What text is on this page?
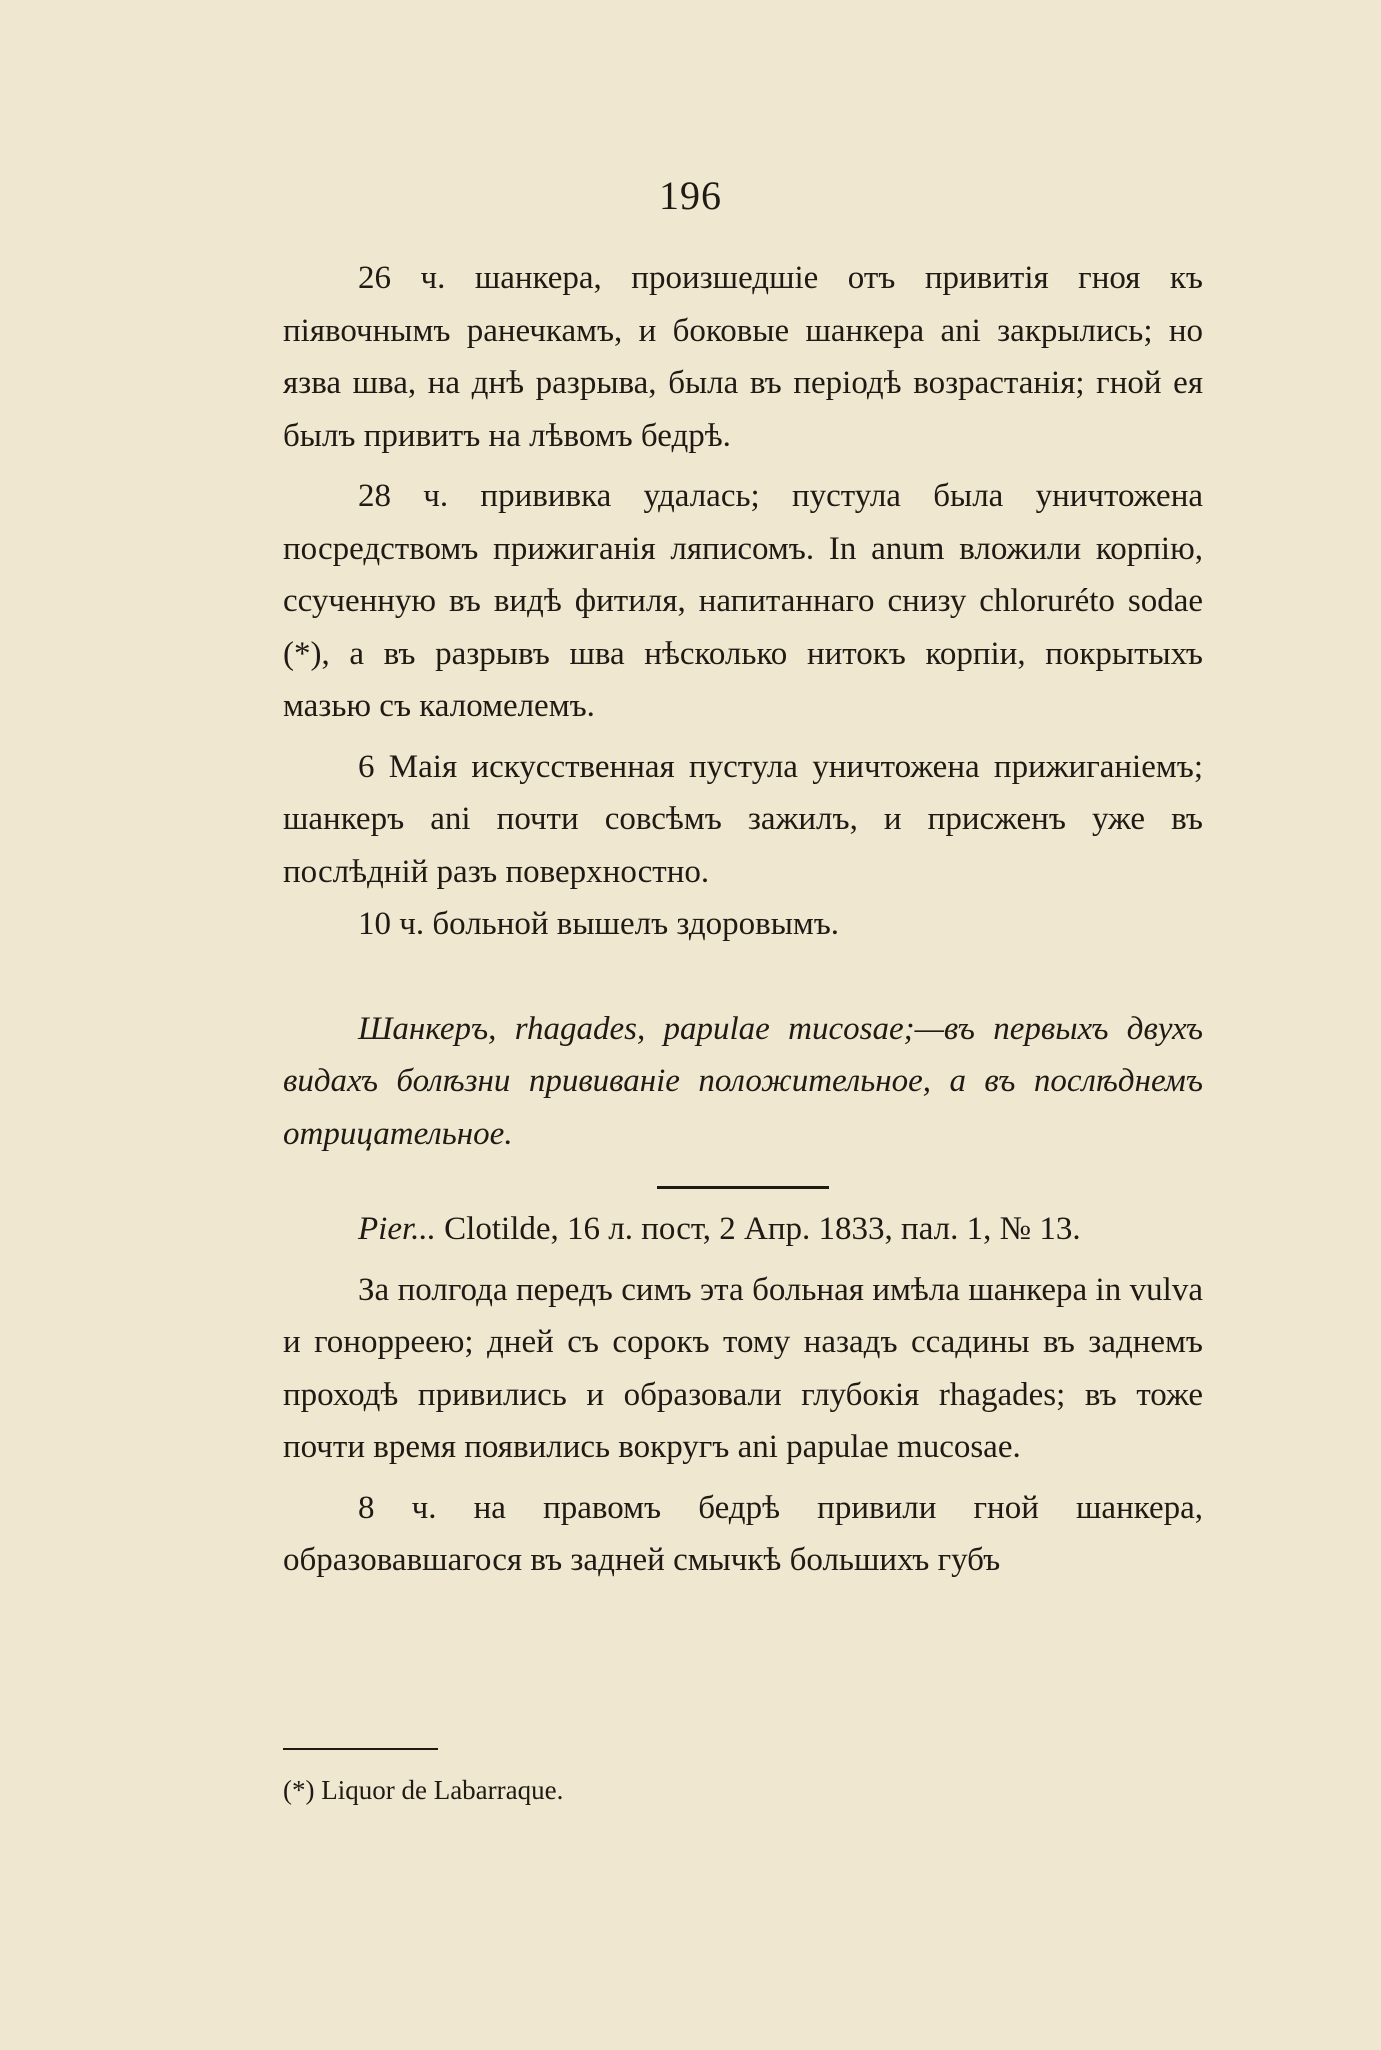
196

26 ч. шанкера, произшедшіе отъ привитія гноя къ піявочнымъ ранечкамъ, и боковые шанкера ani закрылись; но язва шва, на днѣ разрыва, была въ періодѣ возрастанія; гной ея былъ привитъ на лѣвомъ бедрѣ.

28 ч. прививка удалась; пустула была уничтожена посредствомъ прижиганія ляписомъ. In anum вложили корпію, ссученную въ видѣ фитиля, напитаннаго снизу chloruréto sodae (*), а въ разрывъ шва нѣсколько нитокъ корпіи, покрытыхъ мазью съ каломелемъ.

6 Маія искусственная пустула уничтожена прижиганіемъ; шанкеръ ani почти совсѣмъ зажилъ, и присженъ уже въ послѣдній разъ поверхностно.

10 ч. больной вышелъ здоровымъ.

Шанкеръ, rhagades, papulae mucosae;—въ первыхъ двухъ видахъ болѣзни прививаніе положительное, а въ послѣднемъ отрицательное.

Pier... Clotilde, 16 л. пост, 2 Апр. 1833, пал. 1, № 13.

За полгода передъ симъ эта больная имѣла шанкера in vulva и гонорреею; дней съ сорокъ тому назадъ ссадины въ заднемъ проходѣ привились и образовали глубокія rhagades; въ тоже почти время появились вокругъ ani papulae mucosae.

8 ч. на правомъ бедрѣ привили гной шанкера, образовавшагося въ задней смычкѣ большихъ губъ

(*) Liquor de Labarraque.
